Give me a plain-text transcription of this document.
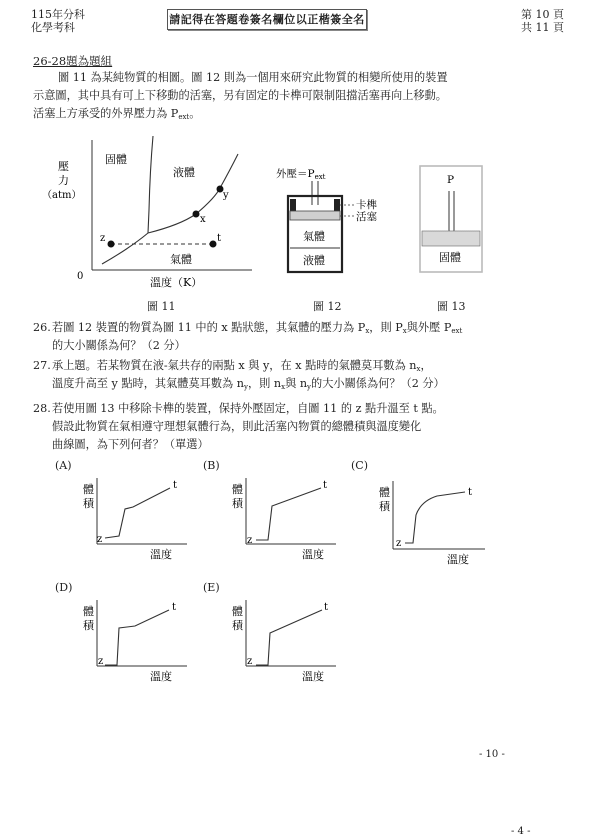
115年分科
化學考科
請記得在答題卷簽名欄位以正楷簽全名	第 10 頁
共 11 頁
26-28題為題組
圖 11 為某純物質的相圖。圖 12 則為一個用來研究此物質的相變所使用的裝置
示意圖，其中具有可上下移動的活塞，另有固定的卡榫可限制阻擋活塞再向上移動。
活塞上方承受的外界壓力為 $P_{ext}$。
z	t
x
y
固體
液體
氣體
壓
力
（atm）
0	溫度（K）
圖 11
外壓＝Pext
卡榫
活塞
氣體
液體
圖 12
P
固體
圖 13
26. 若圖 12 裝置的物質為圖 11 中的 x 點狀態，其氣體的壓力為 $P_x$，則 $P_x$與外壓 $P_{ext}$
的大小關係為何？（2 分）
27. 承上題。若某物質在液-氣共存的兩點 x 與 y，在 x 點時的氣體莫耳數為 $n_x$，
溫度升高至 y 點時，其氣體莫耳數為 $n_y$，則 $n_x$與 $n_y$的大小關係為何？（2 分）
28. 若使用圖 13 中移除卡榫的裝置，保持外壓固定，自圖 11 的 z 點升溫至 t 點。
假設此物質在氣相遵守理想氣體行為，則此活塞內物質的總體積與溫度變化
曲線圖，為下列何者？（單選）
(A)	(B)	(C)
(D)	(E)
體
積
z
t
溫度
體
積
z
t
溫度
體
積
z
t
溫度
體
積
z
t
溫度
體
積
z
t
溫度
- 10 -
- 4 -
